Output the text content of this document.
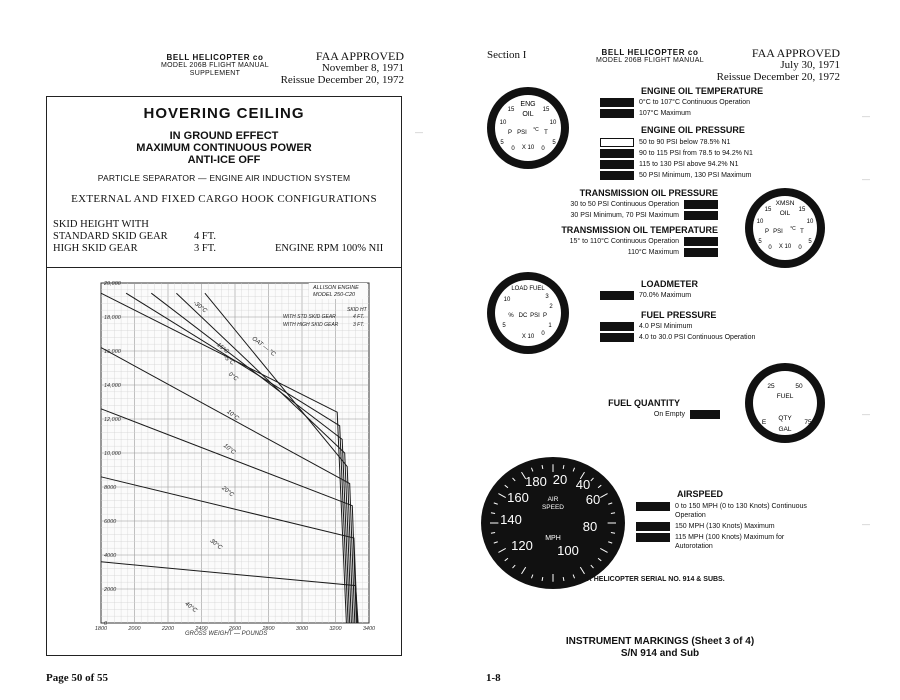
BELL HELICOPTER co
MODEL 206B FLIGHT MANUAL
SUPPLEMENT
FAA APPROVED
November 8, 1971
Reissue December 20, 1972
HOVERING CEILING
IN GROUND EFFECT
MAXIMUM CONTINUOUS POWER
ANTI-ICE OFF
PARTICLE SEPARATOR — ENGINE AIR INDUCTION SYSTEM
EXTERNAL AND FIXED CARGO HOOK CONFIGURATIONS
SKID HEIGHT WITH
STANDARD SKID GEAR	4 FT.
HIGH SKID GEAR	3 FT.	ENGINE RPM 100% NII
1800	2000	2200	2400	2600	2800	3000	3200	3400
0
2000
4000
6000
8000
10,000
12,000
14,000
16,000
18,000
20,000
-30°C
OAT — °C
-15°C
-5°C
0°C
10°C
10°C
20°C
30°C
40°C
GROSS WEIGHT — POUNDS
ALLISON ENGINE
MODEL 250-C20
SKID HT
WITH STD SKID GEAR	4 FT.
WITH HIGH SKID GEAR	3 FT.
Page 50 of 55
Section I	BELL HELICOPTER co
MODEL 206B FLIGHT MANUAL
FAA APPROVED
July 30, 1971
Reissue December 20, 1972
ENG
OIL
15	15
10	10
5	5
0	0
P PSI °C T
X 10
XMSN
OIL
15	15
10	10
5	5
0	0
P PSI °C T
X 10
LOAD FUEL
10	3
2
5	1
0
% DC PSI P
X 10
25	50
FUEL
QTY
75
E
GAL
180 20 40
160	60
140	80
120 100
AIR
SPEED
MPH
ENGINE OIL TEMPERATURE
0°C to 107°C Continuous Operation
107°C Maximum
ENGINE OIL PRESSURE
50 to 90 PSI below 78.5% N1
90 to 115 PSI from 78.5 to 94.2% N1
115 to 130 PSI above 94.2% N1
50 PSI Minimum, 130 PSI Maximum
TRANSMISSION OIL PRESSURE
30 to 50 PSI Continuous Operation
30 PSI Minimum, 70 PSI Maximum
TRANSMISSION OIL TEMPERATURE
15° to 110°C Continuous Operation
110°C Maximum
LOADMETER
70.0% Maximum
FUEL PRESSURE
4.0 PSI Minimum
4.0 to 30.0 PSI Continuous Operation
FUEL QUANTITY
On Empty
AIRSPEED
0 to 150 MPH (0 to 130 Knots) Continuous
Operation
150 MPH (130 Knots) Maximum
115 MPH (100 Knots) Maximum for
Autorotation
FOR HELICOPTER SERIAL NO. 914 & SUBS.
INSTRUMENT MARKINGS (Sheet 3 of 4)
S/N 914 and Sub
1-8
—
—
—
—
—
